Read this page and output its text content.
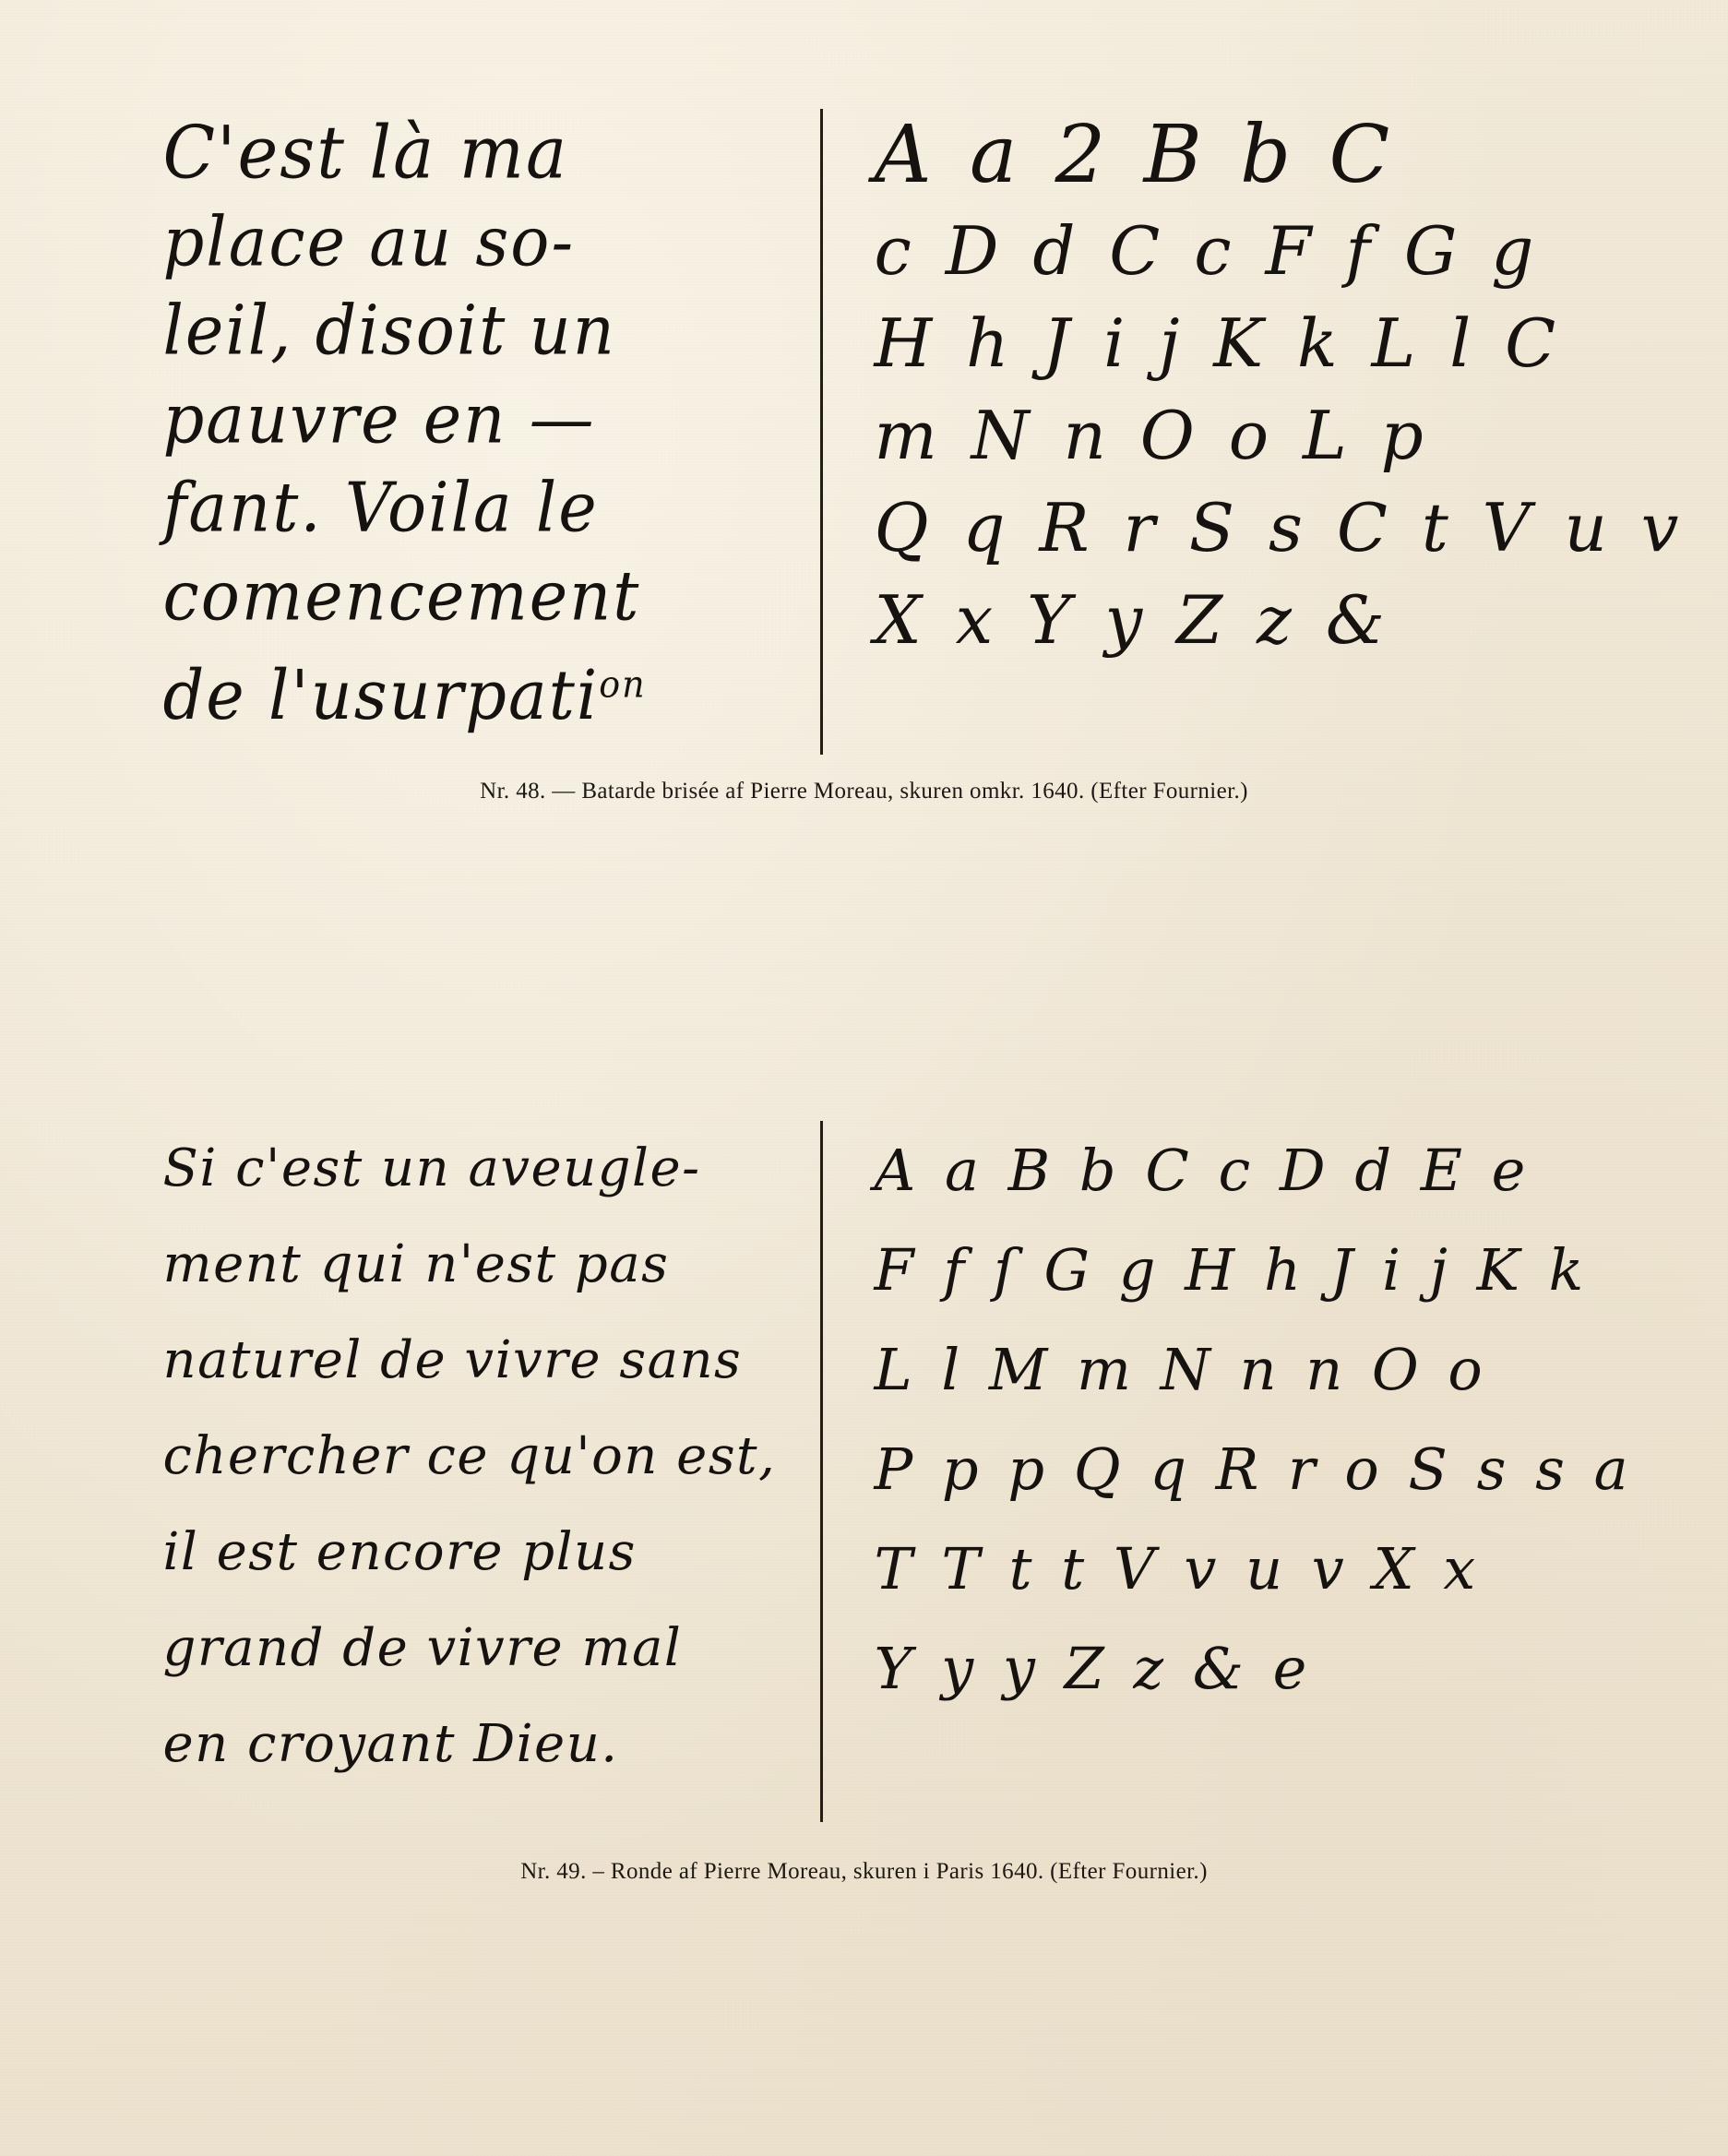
C'est là ma
place au so-
leil, disoit un
pauvre en —
fant. Voila le
comencement
de l'usurpati$^{on}$
A a 2 B b C
c D d C c F f G g
H h J i j K k L l C
m N n O o L p
Q q R r S s C t V u v
X x Y y Z z &
Nr. 48. — Batarde brisée af Pierre Moreau, skuren omkr. 1640. (Efter Fournier.)
Si c'est un aveugle-
ment qui n'est pas
naturel de vivre sans
chercher ce qu'on est,
il est encore plus
grand de vivre mal
en croyant Dieu.
A a B b C c D d E e
F f ſ G g H h J i j K k
L l M m N n n O o
P p p Q q R r o S s s a
T T t t V v u v X x
Y y y Z z & e
Nr. 49. – Ronde af Pierre Moreau, skuren i Paris 1640. (Efter Fournier.)
